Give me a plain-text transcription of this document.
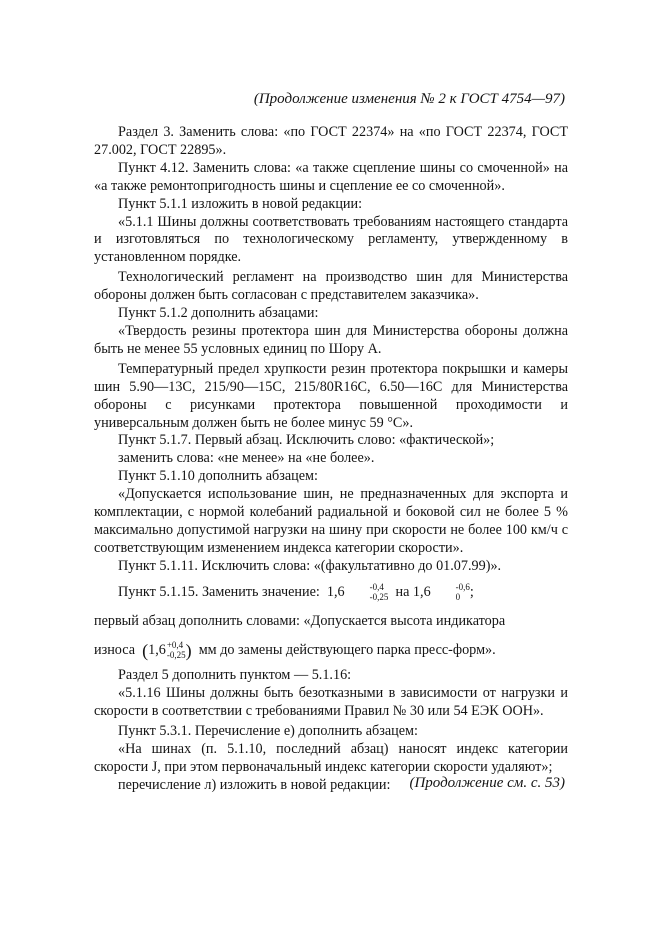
(Продолжение изменения № 2 к ГОСТ 4754—97)

Раздел 3. Заменить слова: «по ГОСТ 22374» на «по ГОСТ 22374, ГОСТ 27.002, ГОСТ 22895».

Пункт 4.12. Заменить слова: «а также сцепление шины со смоченной» на «а также ремонтопригодность шины и сцепление ее со смоченной».

Пункт 5.1.1 изложить в новой редакции:

«5.1.1 Шины должны соответствовать требованиям настоящего стандарта и изготовляться по технологическому регламенту, утвержденному в установленном порядке.

Технологический регламент на производство шин для Министерства обороны должен быть согласован с представителем заказчика».

Пункт 5.1.2 дополнить абзацами:

«Твердость резины протектора шин для Министерства обороны должна быть не менее 55 условных единиц по Шору А.

Температурный предел хрупкости резин протектора покрышки и камеры шин 5.90—13С, 215/90—15С, 215/80R16С, 6.50—16С для Министерства обороны с рисунками протектора повышенной проходимости и универсальным должен быть не более минус 59 °С».

Пункт 5.1.7. Первый абзац. Исключить слово: «фактической»;

заменить слова: «не менее» на «не более».

Пункт 5.1.10 дополнить абзацем:

«Допускается использование шин, не предназначенных для экспорта и комплектации, с нормой колебаний радиальной и боковой сил не более 5 % максимально допустимой нагрузки на шину при скорости не более 100 км/ч с соответствующим изменением индекса категории скорости».

Пункт 5.1.11. Исключить слова: «(факультативно до 01.07.99)».

Пункт 5.1.15. Заменить значение: 1,6	-0,4
-0,25 на 1,6	-0,6
0 ;

первый абзац дополнить словами: «Допускается высота индикатора

износа (1,6 +0,4
-0,25 ) мм до замены действующего парка пресс-форм».

Раздел 5 дополнить пунктом — 5.1.16:

«5.1.16 Шины должны быть безотказными в зависимости от нагрузки и скорости в соответствии с требованиями Правил № 30 или 54 ЕЭК ООН».

Пункт 5.3.1. Перечисление е) дополнить абзацем:

«На шинах (п. 5.1.10, последний абзац) наносят индекс категории скорости J, при этом первоначальный индекс категории скорости удаляют»;

перечисление л) изложить в новой редакции:	(Продолжение см. с. 53)
